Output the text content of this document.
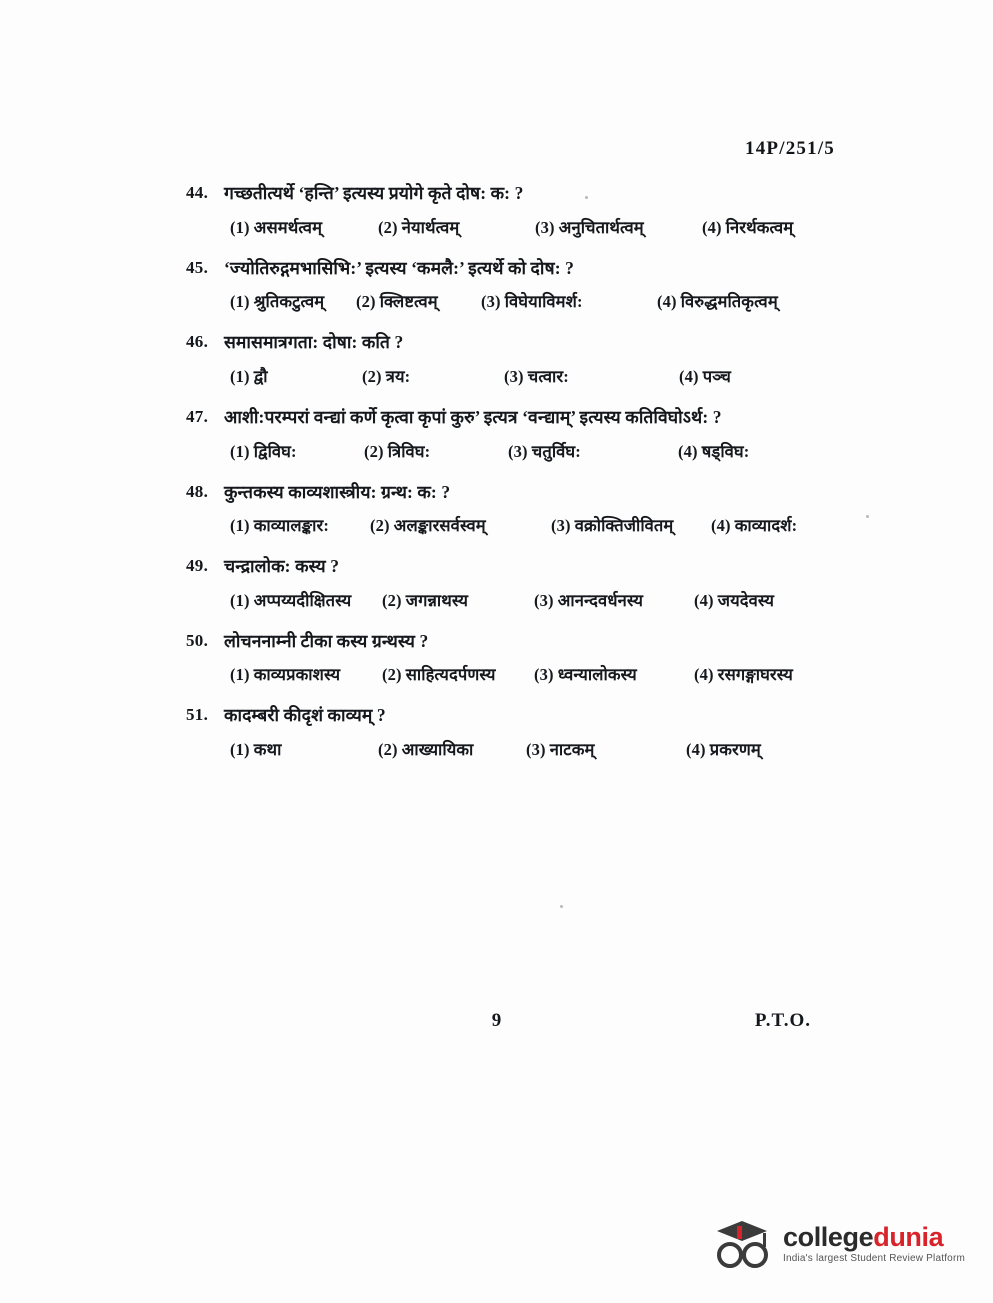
14P/251/5
44. गच्छतीत्यर्थे ‘हन्ति’ इत्यस्य प्रयोगे कृते दोष: क: ?
(1) असमर्थत्वम्	(2) नेयार्थत्वम्	(3) अनुचितार्थत्वम्	(4) निरर्थकत्वम्
45. ‘ज्योतिरुद्गमभासिभि:’ इत्यस्य ‘कमलै:’ इत्यर्थे को दोष: ?
(1) श्रुतिकटुत्वम्	(2) क्लिष्टत्वम्	(3) विघेयाविमर्श:	(4) विरुद्धमतिकृत्वम्
46. समासमात्रगता: दोषा: कति ?
(1) द्वौ	(2) त्रय:	(3) चत्वार:	(4) पञ्च
47. आशी:परम्परां वन्द्यां कर्णे कृत्वा कृपां कुरु’ इत्यत्र ‘वन्द्याम्’ इत्यस्य कतिविघोऽर्थ: ?
(1) द्विविघ:	(2) त्रिविघ:	(3) चतुर्विघ:	(4) षड्विघ:
48. कुन्तकस्य काव्यशास्त्रीय: ग्रन्थ: क: ?
(1) काव्यालङ्कार:	(2) अलङ्कारसर्वस्वम्	(3) वक्रोक्तिजीवितम्	(4) काव्यादर्श:
49. चन्द्रालोक: कस्य ?
(1) अप्पय्यदीक्षितस्य	(2) जगन्नाथस्य	(3) आनन्दवर्धनस्य	(4) जयदेवस्य
50. लोचननाम्नी टीका कस्य ग्रन्थस्य ?
(1) काव्यप्रकाशस्य	(2) साहित्यदर्पणस्य	(3) ध्वन्यालोकस्य	(4) रसगङ्गाघरस्य
51. कादम्बरी कीदृशं काव्यम् ?
(1) कथा	(2) आख्यायिका	(3) नाटकम्	(4) प्रकरणम्
9	P.T.O.
collegedunia
India's largest Student Review Platform
